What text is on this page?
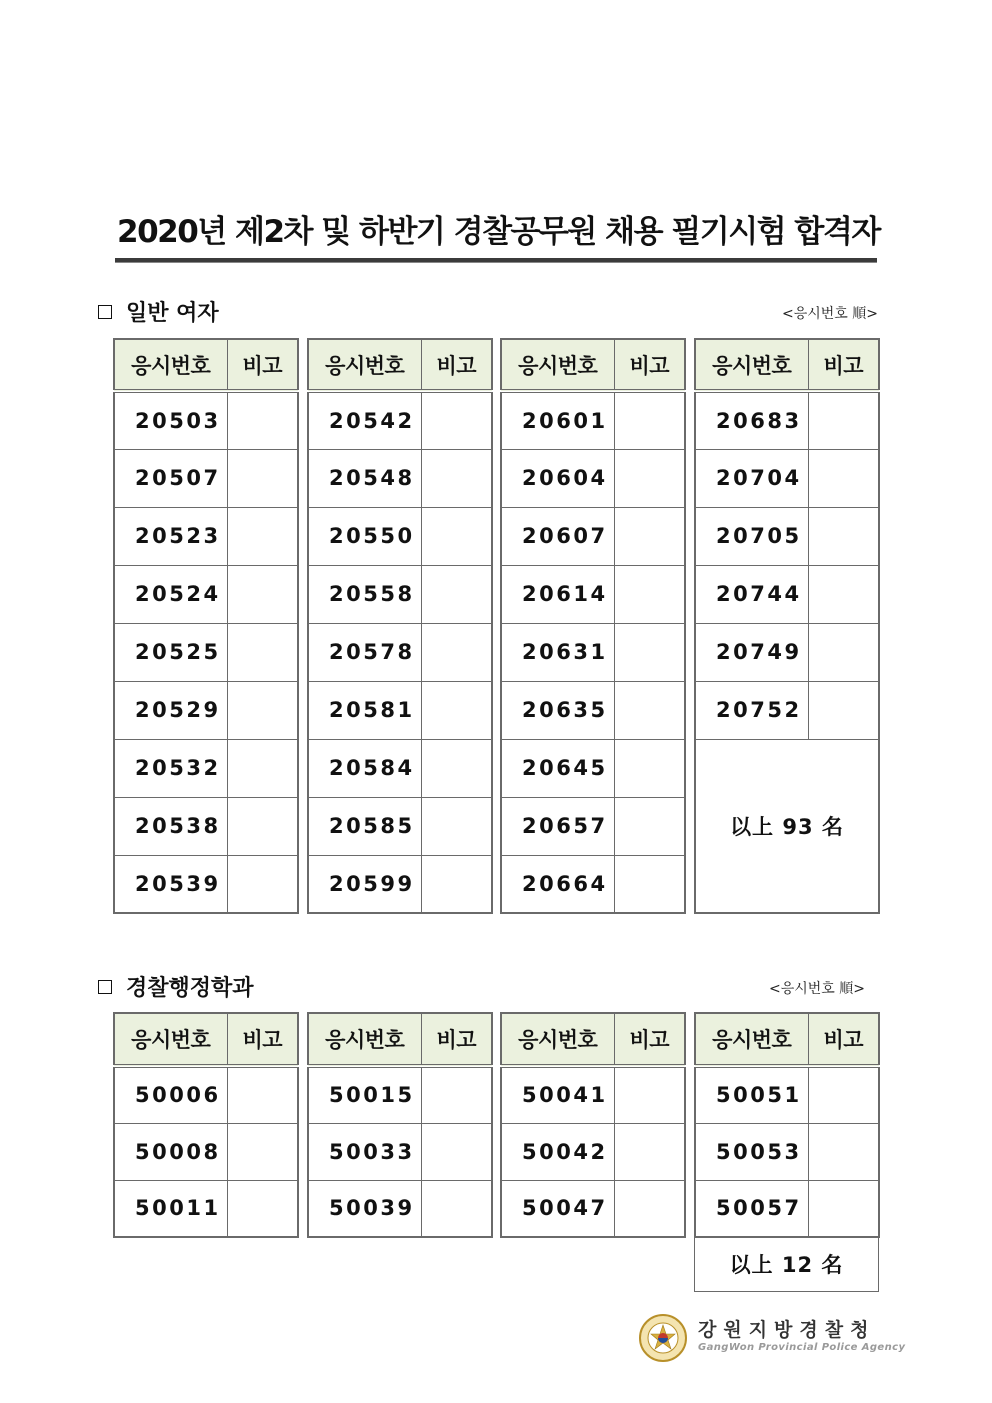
2020년 제2차 및 하반기 경찰공무원 채용 필기시험 합격자
일반 여자	<응시번호 順>
응시번호	비고
20503	
20507	
20523	
20524	
20525	
20529	
20532	
20538	
20539	
응시번호	비고
20542	
20548	
20550	
20558	
20578	
20581	
20584	
20585	
20599	
응시번호	비고
20601	
20604	
20607	
20614	
20631	
20635	
20645	
20657	
20664	
응시번호	비고
20683	
20704	
20705	
20744	
20749	
20752	
以上 93 名	
경찰행정학과	<응시번호 順>
응시번호	비고
50006	
50008	
50011	
응시번호	비고
50015	
50033	
50039	
응시번호	비고
50041	
50042	
50047	
응시번호	비고
50051	
50053	
50057	
以上 12 名
강원지방경찰청
GangWon Provincial Police Agency
